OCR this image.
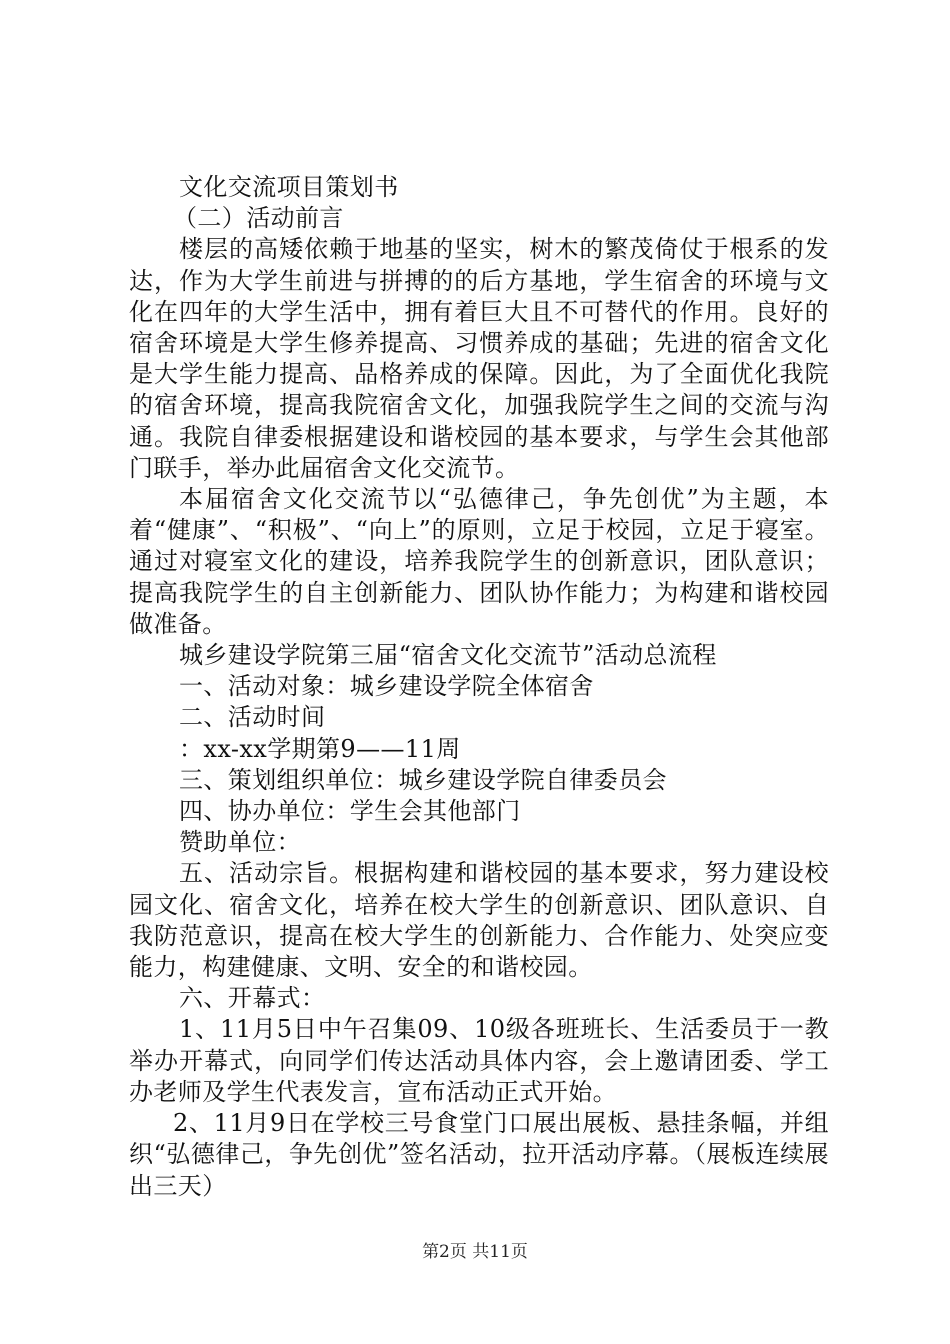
文化交流项目策划书

（二）活动前言

楼层的高矮依赖于地基的坚实，树木的繁茂倚仗于根系的发达，作为大学生前进与拼搏的的后方基地，学生宿舍的环境与文化在四年的大学生活中，拥有着巨大且不可替代的作用。良好的宿舍环境是大学生修养提高、习惯养成的基础；先进的宿舍文化是大学生能力提高、品格养成的保障。因此，为了全面优化我院的宿舍环境，提高我院宿舍文化，加强我院学生之间的交流与沟通。我院自律委根据建设和谐校园的基本要求，与学生会其他部门联手，举办此届宿舍文化交流节。

本届宿舍文化交流节以“弘德律己，争先创优”为主题，本着“健康”、“积极”、“向上”的原则，立足于校园，立足于寝室。通过对寝室文化的建设，培养我院学生的创新意识，团队意识；提高我院学生的自主创新能力、团队协作能力；为构建和谐校园做准备。

城乡建设学院第三届“宿舍文化交流节”活动总流程

一、活动对象：城乡建设学院全体宿舍

二、活动时间

：xx-xx学期第9——11周

三、策划组织单位：城乡建设学院自律委员会

四、协办单位：学生会其他部门

赞助单位：

五、活动宗旨。根据构建和谐校园的基本要求，努力建设校园文化、宿舍文化，培养在校大学生的创新意识、团队意识、自我防范意识，提高在校大学生的创新能力、合作能力、处突应变能力，构建健康、文明、安全的和谐校园。

六、开幕式：

1、11月5日中午召集09、10级各班班长、生活委员于一教举办开幕式，向同学们传达活动具体内容，会上邀请团委、学工办老师及学生代表发言，宣布活动正式开始。

2、11月9日在学校三号食堂门口展出展板、悬挂条幅，并组织“弘德律己，争先创优”签名活动，拉开活动序幕。（展板连续展出三天）

第2页 共11页
